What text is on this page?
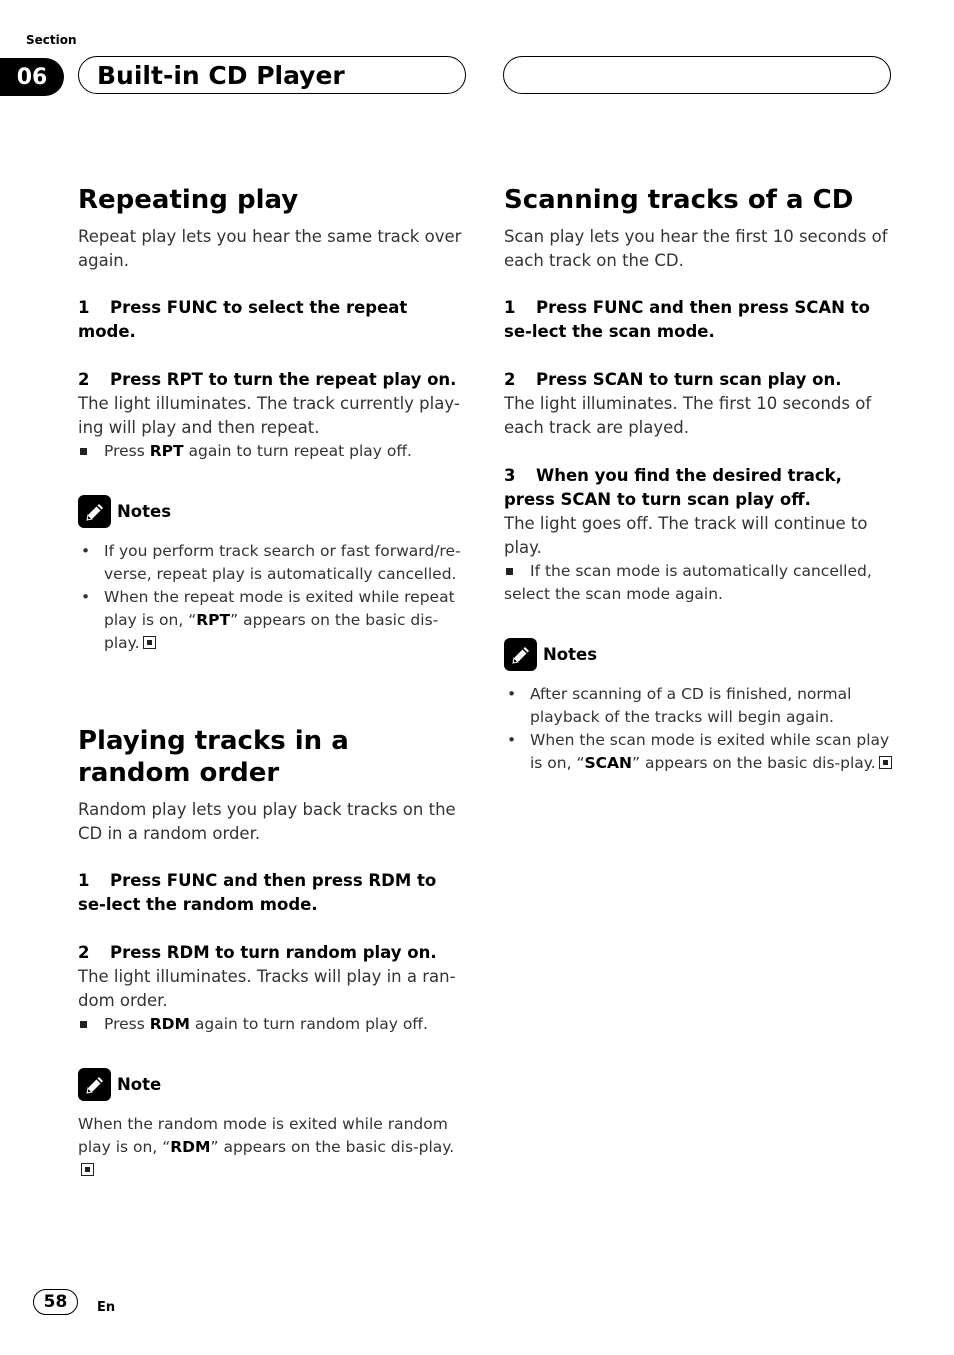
Section
06	Built-in CD Player
Repeating play

Repeat play lets you hear the same track over again.

1 Press FUNC to select the repeat mode.

2 Press RPT to turn the repeat play on.

The light illuminates. The track currently play-ing will play and then repeat.

Press RPT again to turn repeat play off.

Notes
• If you perform track search or fast forward/re-verse, repeat play is automatically cancelled.
• When the repeat mode is exited while repeat play is on, “RPT” appears on the basic dis-play.
Playing tracks in a random order

Random play lets you play back tracks on the CD in a random order.

1 Press FUNC and then press RDM to se-lect the random mode.

2 Press RDM to turn random play on.

The light illuminates. Tracks will play in a ran-dom order.

Press RDM again to turn random play off.

Note

When the random mode is exited while random play is on, “RDM” appears on the basic dis-play.

Scanning tracks of a CD

Scan play lets you hear the first 10 seconds of each track on the CD.

1 Press FUNC and then press SCAN to se-lect the scan mode.

2 Press SCAN to turn scan play on.

The light illuminates. The first 10 seconds of each track are played.

3 When you find the desired track, press SCAN to turn scan play off.

The light goes off. The track will continue to play.

If the scan mode is automatically cancelled, select the scan mode again.

Notes
• After scanning of a CD is finished, normal playback of the tracks will begin again.
• When the scan mode is exited while scan play is on, “SCAN” appears on the basic dis-play.
58	En
